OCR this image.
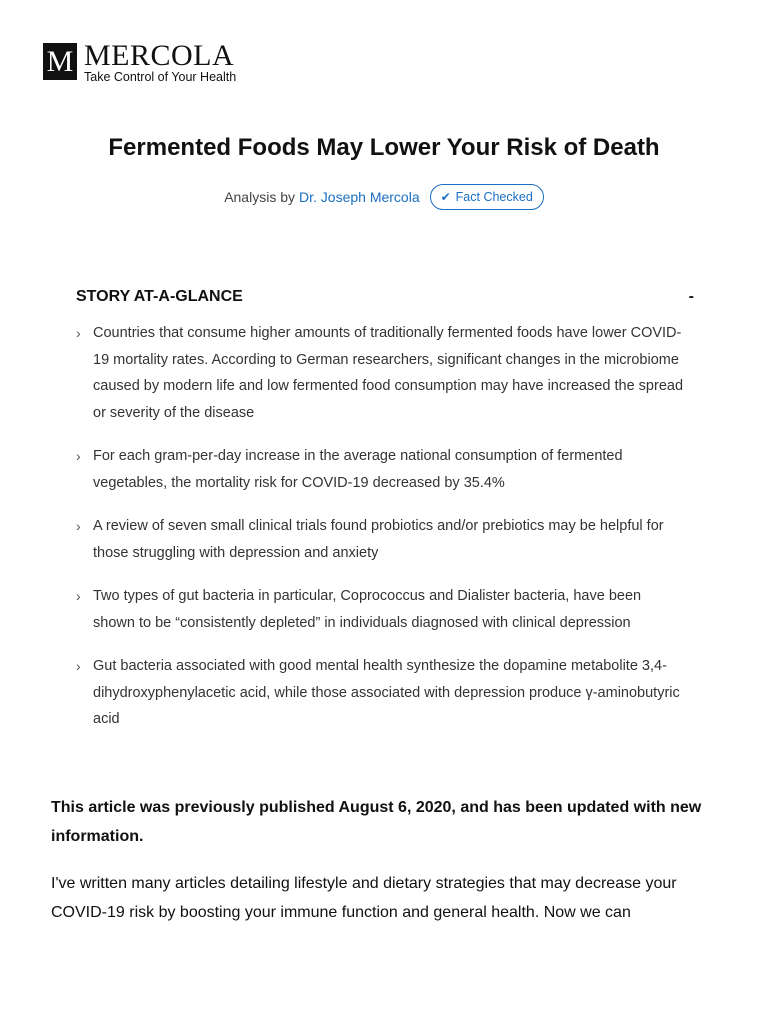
M MERCOLA
Take Control of Your Health
Fermented Foods May Lower Your Risk of Death
Analysis by Dr. Joseph Mercola ✔ Fact Checked
STORY AT-A-GLANCE	-
› Countries that consume higher amounts of traditionally fermented foods have lower COVID-19 mortality rates. According to German researchers, significant changes in the microbiome caused by modern life and low fermented food consumption may have increased the spread or severity of the disease
› For each gram-per-day increase in the average national consumption of fermented vegetables, the mortality risk for COVID-19 decreased by 35.4%
› A review of seven small clinical trials found probiotics and/or prebiotics may be helpful for those struggling with depression and anxiety
› Two types of gut bacteria in particular, Coprococcus and Dialister bacteria, have been shown to be “consistently depleted” in individuals diagnosed with clinical depression
› Gut bacteria associated with good mental health synthesize the dopamine metabolite 3,4-dihydroxyphenylacetic acid, while those associated with depression produce γ-aminobutyric acid

This article was previously published August 6, 2020, and has been updated with new information.

I've written many articles detailing lifestyle and dietary strategies that may decrease your COVID-19 risk by boosting your immune function and general health. Now we can
